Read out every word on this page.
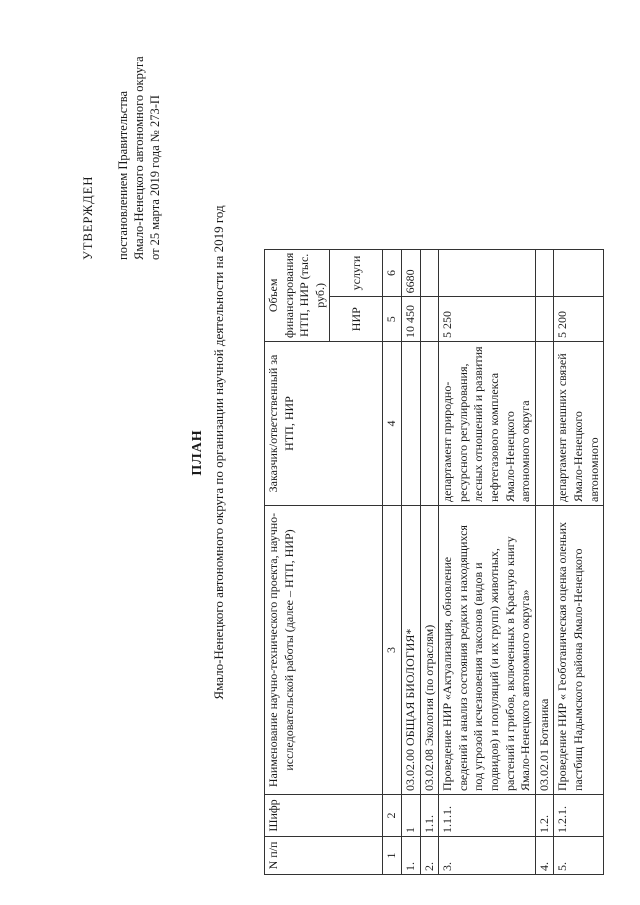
УТВЕРЖДЕН постановлением Правительства Ямало-Ненецкого автономного округа от 25 марта 2019 года № 273-П
ПЛАН Ямало-Ненецкого автономного округа по организации научной деятельности на 2019 год
N п/п	Шифр	Наименование научно-технического проекта, научно-исследовательской работы (далее – НТП, НИР)	Заказчик/ответственный за НТП, НИР	Объем финансирования НТП, НИР (тыс. руб.)	
				НИР	услуги
1	2	3	4	5	6
1.	1	03.02.00 ОБЩАЯ БИОЛОГИЯ*		10 450	6680
2.	1.1.	03.02.08 Экология (по отраслям)			
3.	1.1.1.	Проведение НИР «Актуализация, обновление сведений и анализ состояния редких и находящихся под угрозой исчезновения таксонов (видов и подвидов) и популяций (и их групп) животных, растений и грибов, включенных в Красную книгу Ямало-Ненецкого автономного округа»	департамент природно-ресурсного регулирования, лесных отношений и развития нефтегазового комплекса Ямало-Ненецкого автономного округа	5 250	
4.	1.2.	03.02.01 Ботаника			
5.	1.2.1.	Проведение НИР « Геоботаническая оценка оленьих пастбищ Надымского района Ямало-Ненецкого	департамент внешних связей Ямало-Ненецкого автономного	5 200	
